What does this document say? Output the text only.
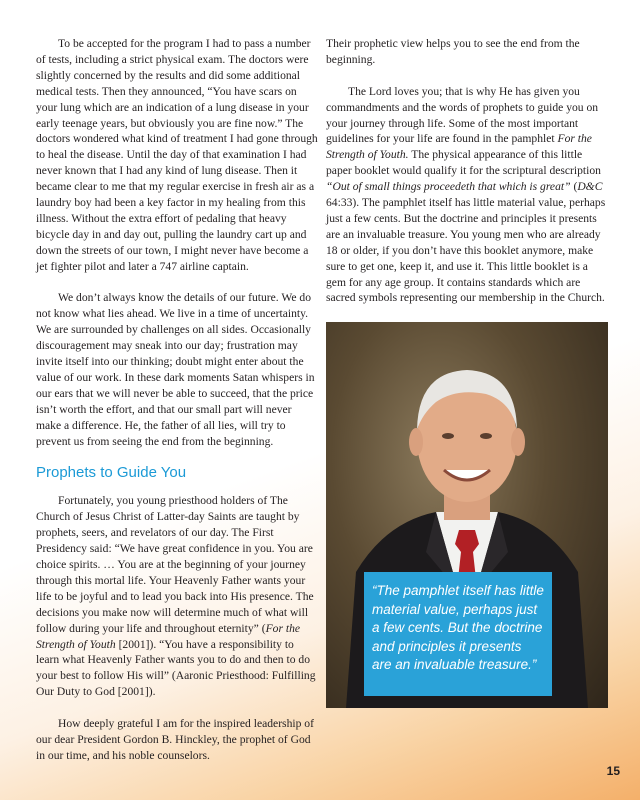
To be accepted for the program I had to pass a number of tests, including a strict physical exam. The doctors were slightly concerned by the results and did some additional medical tests. Then they announced, “You have scars on your lung which are an indication of a lung disease in your early teenage years, but obviously you are fine now.” The doctors wondered what kind of treatment I had gone through to heal the disease. Until the day of that examination I had never known that I had any kind of lung disease. Then it became clear to me that my regular exercise in fresh air as a laundry boy had been a key factor in my healing from this illness. Without the extra effort of pedaling that heavy bicycle day in and day out, pulling the laundry cart up and down the streets of our town, I might never have become a jet fighter pilot and later a 747 airline captain.

We don’t always know the details of our future. We do not know what lies ahead. We live in a time of uncertainty. We are surrounded by challenges on all sides. Occasionally discouragement may sneak into our day; frustration may invite itself into our thinking; doubt might enter about the value of our work. In these dark moments Satan whispers in our ears that we will never be able to succeed, that the price isn’t worth the effort, and that our small part will never make a difference. He, the father of all lies, will try to prevent us from seeing the end from the beginning.

Prophets to Guide You

Fortunately, you young priesthood holders of The Church of Jesus Christ of Latter-day Saints are taught by prophets, seers, and revelators of our day. The First Presidency said: “We have great confidence in you. You are choice spirits. … You are at the beginning of your journey through this mortal life. Your Heavenly Father wants your life to be joyful and to lead you back into His presence. The decisions you make now will determine much of what will follow during your life and throughout eternity” (For the Strength of Youth [2001]). “You have a responsibility to learn what Heavenly Father wants you to do and then to do your best to follow His will” (Aaronic Priesthood: Fulfilling Our Duty to God [2001]).

How deeply grateful I am for the inspired leadership of our dear President Gordon B. Hinckley, the prophet of God in our time, and his noble counselors.

Their prophetic view helps you to see the end from the beginning.

The Lord loves you; that is why He has given you commandments and the words of prophets to guide you on your journey through life. Some of the most important guidelines for your life are found in the pamphlet For the Strength of Youth. The physical appearance of this little paper booklet would qualify it for the scriptural description “Out of small things proceedeth that which is great” (D&C 64:33). The pamphlet itself has little material value, perhaps just a few cents. But the doctrine and principles it presents are an invaluable treasure. You young men who are already 18 or older, if you don’t have this booklet anymore, make sure to get one, keep it, and use it. This little booklet is a gem for any age group. It contains standards which are sacred symbols representing our membership in the Church.

“The pamphlet itself has little material value, perhaps just a few cents. But the doctrine and principles it presents are an invaluable treasure.”
15
